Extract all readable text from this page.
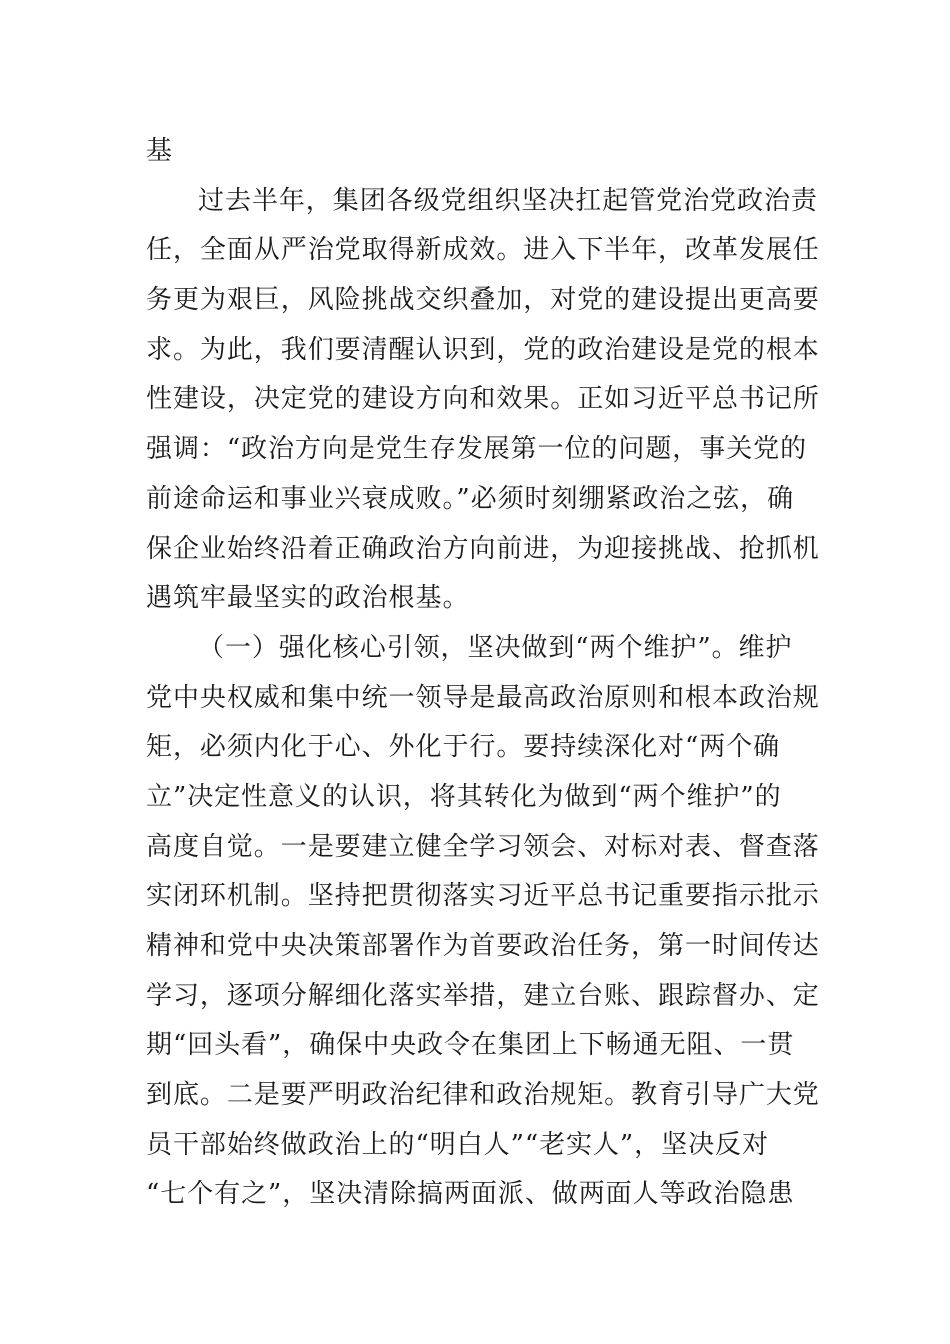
基
过去半年，集团各级党组织坚决扛起管党治党政治责
任，全面从严治党取得新成效。进入下半年，改革发展任
务更为艰巨，风险挑战交织叠加，对党的建设提出更高要
求。为此，我们要清醒认识到，党的政治建设是党的根本
性建设，决定党的建设方向和效果。正如习近平总书记所
强调：“政治方向是党生存发展第一位的问题，事关党的
前途命运和事业兴衰成败。”必须时刻绷紧政治之弦，确
保企业始终沿着正确政治方向前进，为迎接挑战、抢抓机
遇筑牢最坚实的政治根基。
（一）强化核心引领，坚决做到“两个维护”。维护
党中央权威和集中统一领导是最高政治原则和根本政治规
矩，必须内化于心、外化于行。要持续深化对“两个确
立”决定性意义的认识，将其转化为做到“两个维护”的
高度自觉。一是要建立健全学习领会、对标对表、督查落
实闭环机制。坚持把贯彻落实习近平总书记重要指示批示
精神和党中央决策部署作为首要政治任务，第一时间传达
学习，逐项分解细化落实举措，建立台账、跟踪督办、定
期“回头看”，确保中央政令在集团上下畅通无阻、一贯
到底。二是要严明政治纪律和政治规矩。教育引导广大党
员干部始终做政治上的“明白人”“老实人”，坚决反对
“七个有之”，坚决清除搞两面派、做两面人等政治隐患
